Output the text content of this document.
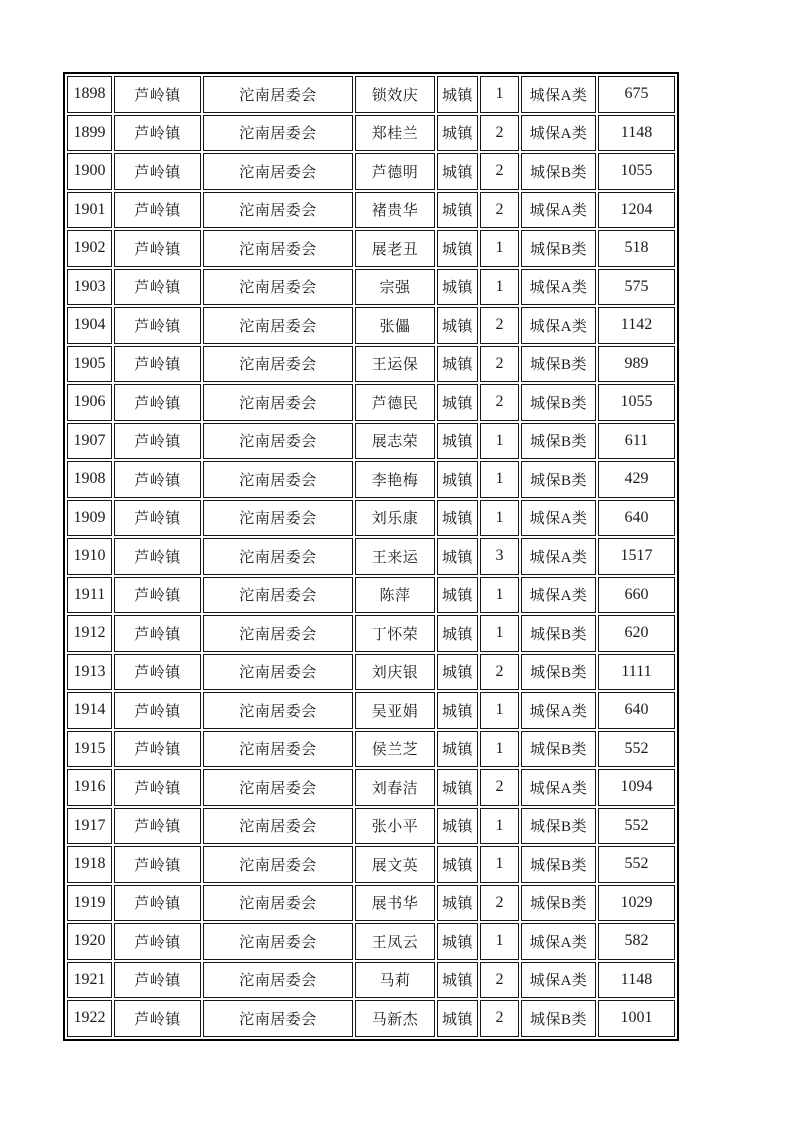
1898	芦岭镇	沱南居委会	锁效庆	城镇	1	城保A类	675
1899	芦岭镇	沱南居委会	郑桂兰	城镇	2	城保A类	1148
1900	芦岭镇	沱南居委会	芦德明	城镇	2	城保B类	1055
1901	芦岭镇	沱南居委会	褚贵华	城镇	2	城保A类	1204
1902	芦岭镇	沱南居委会	展老丑	城镇	1	城保B类	518
1903	芦岭镇	沱南居委会	宗强	城镇	1	城保A类	575
1904	芦岭镇	沱南居委会	张儡	城镇	2	城保A类	1142
1905	芦岭镇	沱南居委会	王运保	城镇	2	城保B类	989
1906	芦岭镇	沱南居委会	芦德民	城镇	2	城保B类	1055
1907	芦岭镇	沱南居委会	展志荣	城镇	1	城保B类	611
1908	芦岭镇	沱南居委会	李艳梅	城镇	1	城保B类	429
1909	芦岭镇	沱南居委会	刘乐康	城镇	1	城保A类	640
1910	芦岭镇	沱南居委会	王来运	城镇	3	城保A类	1517
1911	芦岭镇	沱南居委会	陈萍	城镇	1	城保A类	660
1912	芦岭镇	沱南居委会	丁怀荣	城镇	1	城保B类	620
1913	芦岭镇	沱南居委会	刘庆银	城镇	2	城保B类	1111
1914	芦岭镇	沱南居委会	吴亚娟	城镇	1	城保A类	640
1915	芦岭镇	沱南居委会	侯兰芝	城镇	1	城保B类	552
1916	芦岭镇	沱南居委会	刘春洁	城镇	2	城保A类	1094
1917	芦岭镇	沱南居委会	张小平	城镇	1	城保B类	552
1918	芦岭镇	沱南居委会	展文英	城镇	1	城保B类	552
1919	芦岭镇	沱南居委会	展书华	城镇	2	城保B类	1029
1920	芦岭镇	沱南居委会	王凤云	城镇	1	城保A类	582
1921	芦岭镇	沱南居委会	马莉	城镇	2	城保A类	1148
1922	芦岭镇	沱南居委会	马新杰	城镇	2	城保B类	1001
